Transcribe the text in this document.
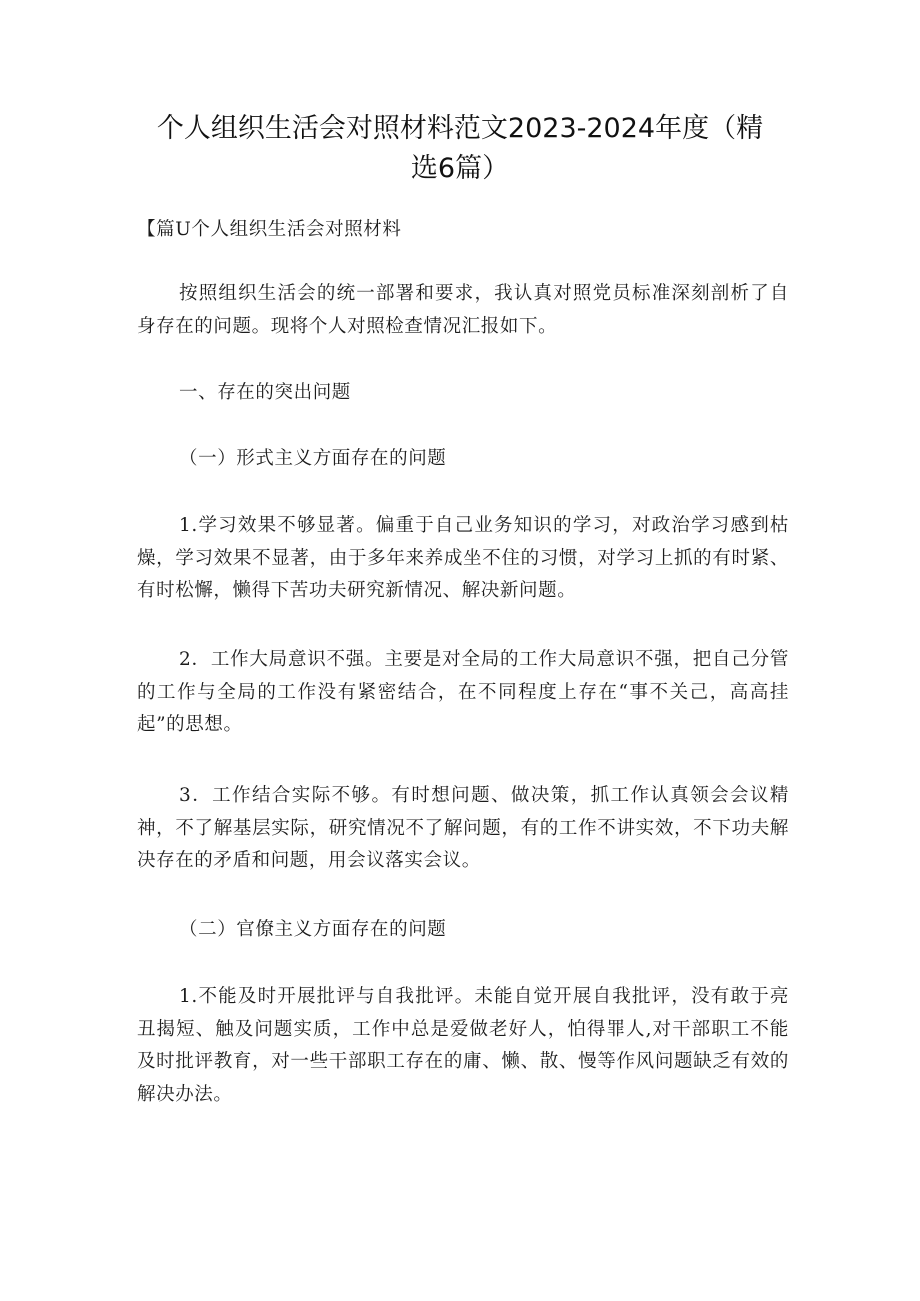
个人组织生活会对照材料范文2023-2024年度（精选6篇）

【篇U个人组织生活会对照材料

按照组织生活会的统一部署和要求，我认真对照党员标准深刻剖析了自身存在的问题。现将个人对照检查情况汇报如下。

一、存在的突出问题

（一）形式主义方面存在的问题

1.学习效果不够显著。偏重于自己业务知识的学习，对政治学习感到枯燥，学习效果不显著，由于多年来养成坐不住的习惯，对学习上抓的有时紧、有时松懈，懒得下苦功夫研究新情况、解决新问题。

2．工作大局意识不强。主要是对全局的工作大局意识不强，把自己分管的工作与全局的工作没有紧密结合，在不同程度上存在“事不关己，高高挂起”的思想。

3．工作结合实际不够。有时想问题、做决策，抓工作认真领会会议精神，不了解基层实际，研究情况不了解问题，有的工作不讲实效，不下功夫解决存在的矛盾和问题，用会议落实会议。

（二）官僚主义方面存在的问题

1.不能及时开展批评与自我批评。未能自觉开展自我批评，没有敢于亮丑揭短、触及问题实质，工作中总是爱做老好人，怕得罪人,对干部职工不能及时批评教育，对一些干部职工存在的庸、懒、散、慢等作风问题缺乏有效的解决办法。
